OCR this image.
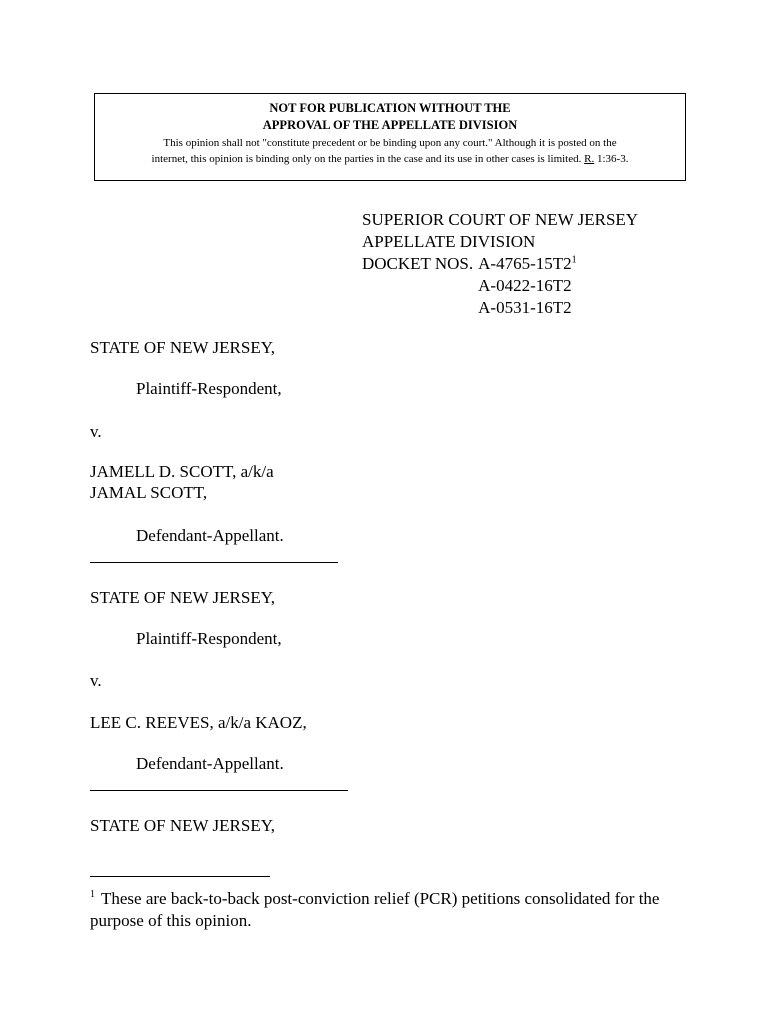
NOT FOR PUBLICATION WITHOUT THE
APPROVAL OF THE APPELLATE DIVISION
This opinion shall not "constitute precedent or be binding upon any court." Although it is posted on the
internet, this opinion is binding only on the parties in the case and its use in other cases is limited. R. 1:36-3.
SUPERIOR COURT OF NEW JERSEY
APPELLATE DIVISION
DOCKET NOS. $A-4765-15T2^1$
A-0422-16T2
A-0531-16T2
STATE OF NEW JERSEY,
Plaintiff-Respondent,
v.
JAMELL D. SCOTT, a/k/a
JAMAL SCOTT,
Defendant-Appellant.
STATE OF NEW JERSEY,
Plaintiff-Respondent,
v.
LEE C. REEVES, a/k/a KAOZ,
Defendant-Appellant.
STATE OF NEW JERSEY,
$^1$ These are back-to-back post-conviction relief (PCR) petitions consolidated for the purpose of this opinion.
